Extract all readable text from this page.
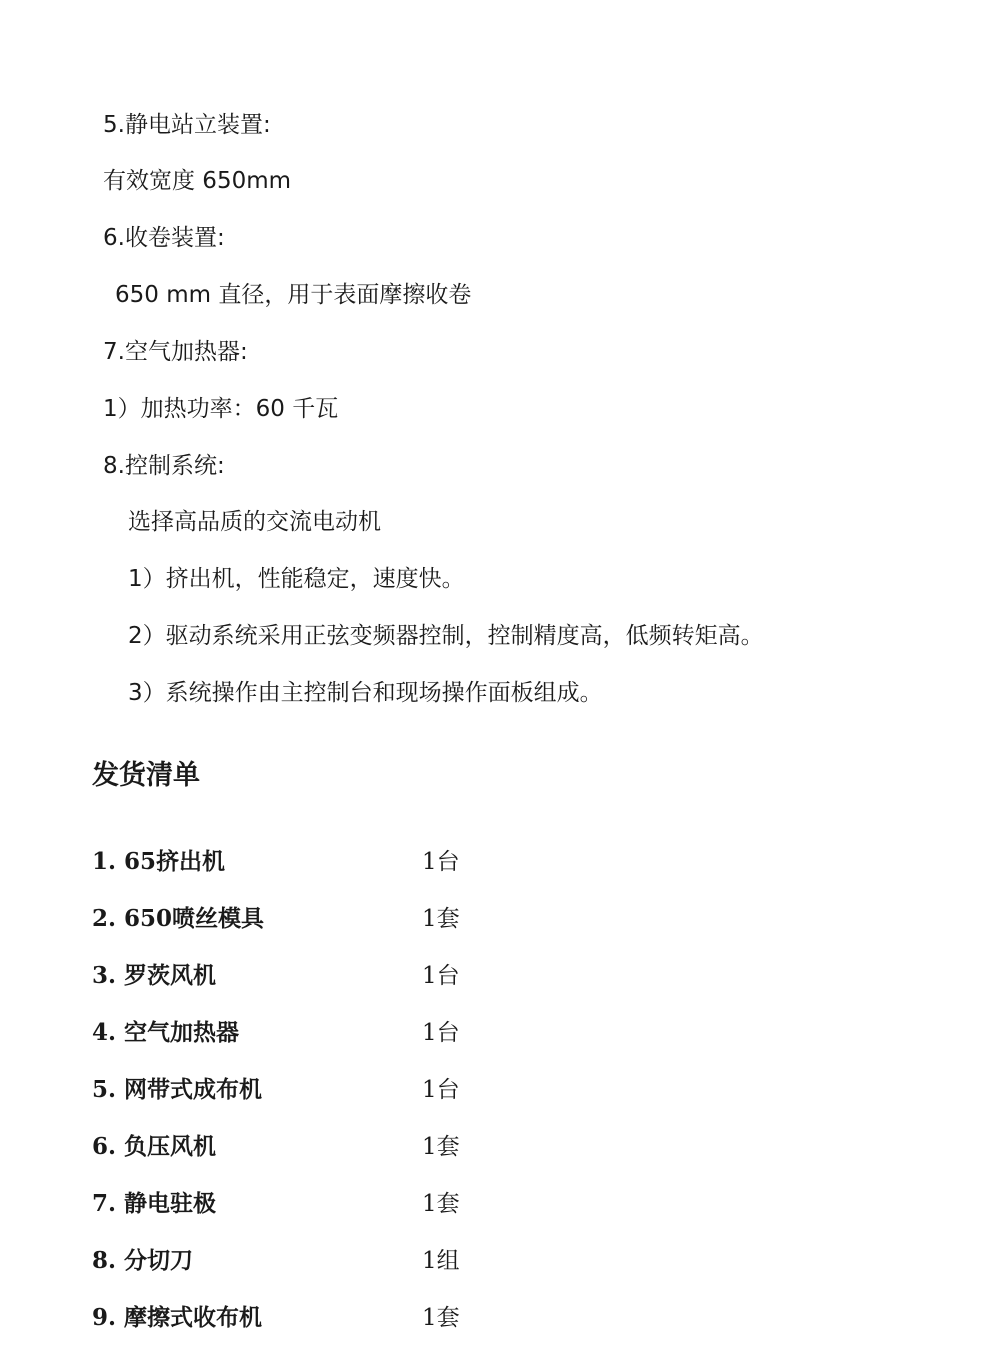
5.静电站立装置:
有效宽度 650mm
6.收卷装置:
650 mm 直径，用于表面摩擦收卷
7.空气加热器:
1）加热功率：60 千瓦
8.控制系统:
选择高品质的交流电动机
1）挤出机，性能稳定，速度快。
2）驱动系统采用正弦变频器控制，控制精度高，低频转矩高。
3）系统操作由主控制台和现场操作面板组成。
发货清单
1. 65挤出机	1台
2. 650喷丝模具	1套
3. 罗茨风机	1台
4. 空气加热器	1台
5. 网带式成布机	1台
6. 负压风机	1套
7. 静电驻极	1套
8. 分切刀	1组
9. 摩擦式收布机	1套
